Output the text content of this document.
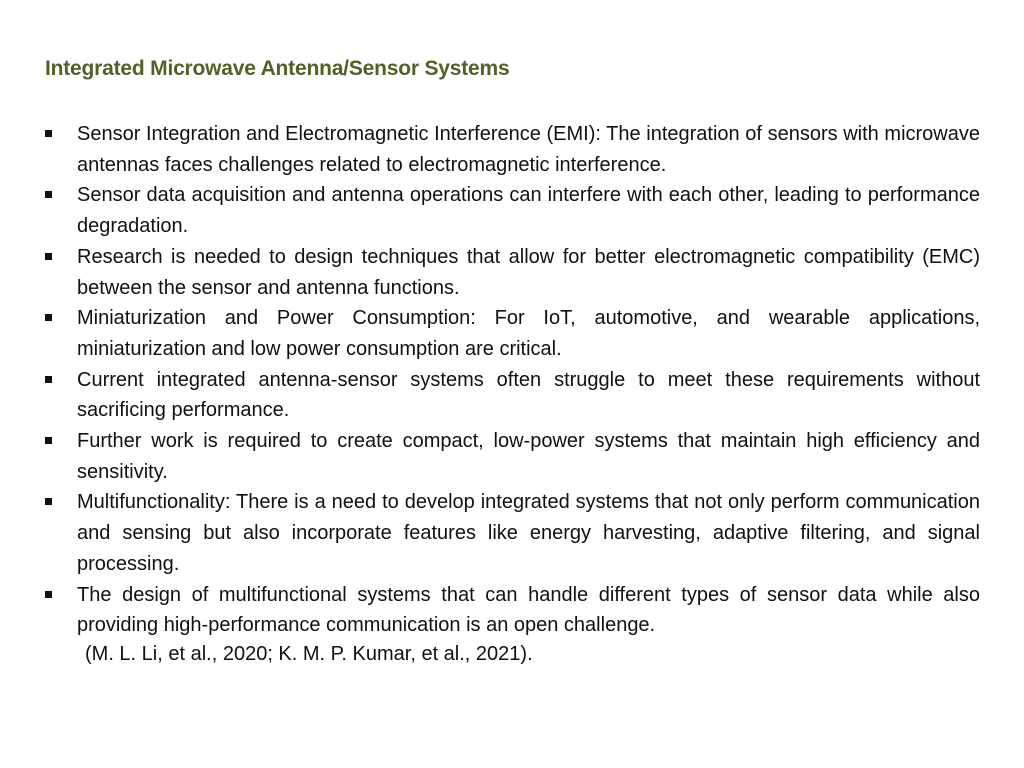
Integrated Microwave Antenna/Sensor Systems
Sensor Integration and Electromagnetic Interference (EMI): The integration of sensors with microwave antennas faces challenges related to electromagnetic interference.
Sensor data acquisition and antenna operations can interfere with each other, leading to performance degradation.
Research is needed to design techniques that allow for better electromagnetic compatibility (EMC) between the sensor and antenna functions.
Miniaturization and Power Consumption: For IoT, automotive, and wearable applications, miniaturization and low power consumption are critical.
Current integrated antenna-sensor systems often struggle to meet these requirements without sacrificing performance.
Further work is required to create compact, low-power systems that maintain high efficiency and sensitivity.
Multifunctionality: There is a need to develop integrated systems that not only perform communication and sensing but also incorporate features like energy harvesting, adaptive filtering, and signal processing.
The design of multifunctional systems that can handle different types of sensor data while also providing high-performance communication is an open challenge.
(M. L. Li, et al., 2020; K. M. P. Kumar, et al., 2021).
